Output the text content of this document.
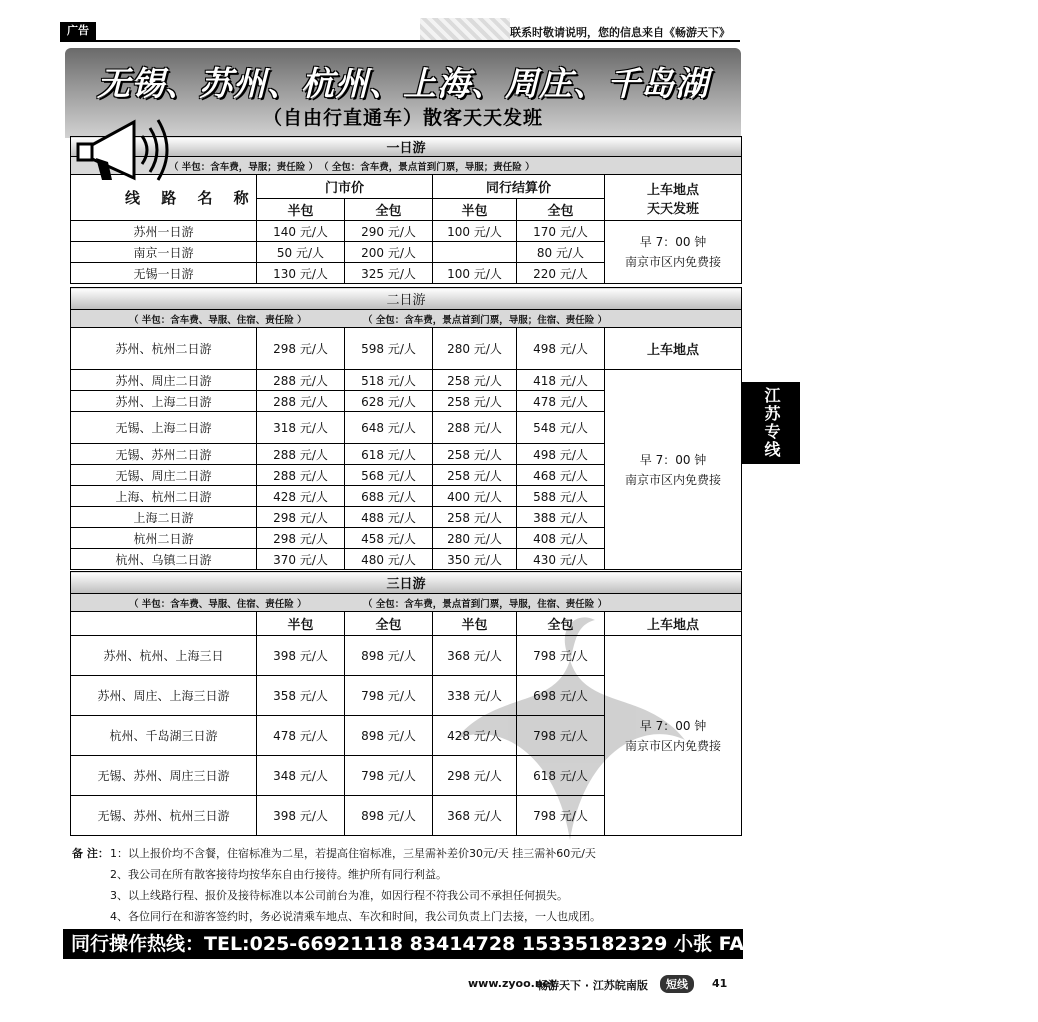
广告	联系时敬请说明，您的信息来自《畅游天下》
无锡、苏州、杭州、上海、周庄、千岛湖
（自由行直通车）散客天天发班
江苏专线
一日游					
（ 半包：含车费，导服；责任险 ）（ 全包：含车费，景点首到门票，导服；责任险 ）					
线 路 名 称	门市价		同行结算价		上车地点
天天发班

	半包	全包	半包	全包	
苏州一日游	140 元/人	290 元/人	100 元/人	170 元/人	早 7：00 钟
南京市区内免费接

南京一日游	50 元/人	200 元/人		80 元/人	
无锡一日游	130 元/人	325 元/人	100 元/人	220 元/人	
二日游					
（ 半包：含车费、导服、住宿、责任险 ） （ 全包：含车费，景点首到门票，导服；住宿、责任险 ）					
苏州、杭州二日游	298 元/人	598 元/人	280 元/人	498 元/人	上车地点
苏州、周庄二日游	288 元/人	518 元/人	258 元/人	418 元/人	早 7：00 钟
南京市区内免费接

苏州、上海二日游	288 元/人	628 元/人	258 元/人	478 元/人	
无锡、上海二日游	318 元/人	648 元/人	288 元/人	548 元/人	
无锡、苏州二日游	288 元/人	618 元/人	258 元/人	498 元/人	
无锡、周庄二日游	288 元/人	568 元/人	258 元/人	468 元/人	
上海、杭州二日游	428 元/人	688 元/人	400 元/人	588 元/人	
上海二日游	298 元/人	488 元/人	258 元/人	388 元/人	
杭州二日游	298 元/人	458 元/人	280 元/人	408 元/人	
杭州、乌镇二日游	370 元/人	480 元/人	350 元/人	430 元/人	
三日游					
（ 半包：含车费、导服、住宿、责任险 ） （ 全包：含车费，景点首到门票，导服，住宿、责任险 ）					
	半包	全包	半包	全包	上车地点
苏州、杭州、上海三日	398 元/人	898 元/人	368 元/人	798 元/人	早 7：00 钟
南京市区内免费接

苏州、周庄、上海三日游	358 元/人	798 元/人	338 元/人	698 元/人	
杭州、千岛湖三日游	478 元/人	898 元/人	428 元/人	798 元/人	
无锡、苏州、周庄三日游	348 元/人	798 元/人	298 元/人	618 元/人	
无锡、苏州、杭州三日游	398 元/人	898 元/人	368 元/人	798 元/人	
备 注：1：以上报价均不含餐，住宿标准为二星，若提高住宿标准，三星需补差价30元/天 挂三需补60元/天
2、我公司在所有散客接待均按华东自由行接待。维护所有同行利益。
3、以上线路行程、报价及接待标准以本公司前台为准，如因行程不符我公司不承担任何损失。
4、各位同行在和游客签约时，务必说清乘车地点、车次和时间，我公司负责上门去接，一人也成团。
同行操作热线：TEL:025-66921118 83414728 15335182329 小张 FAX:83467448 QQ:942092648
www.zyoo.net
畅游天下 · 江苏皖南版	短线	41
